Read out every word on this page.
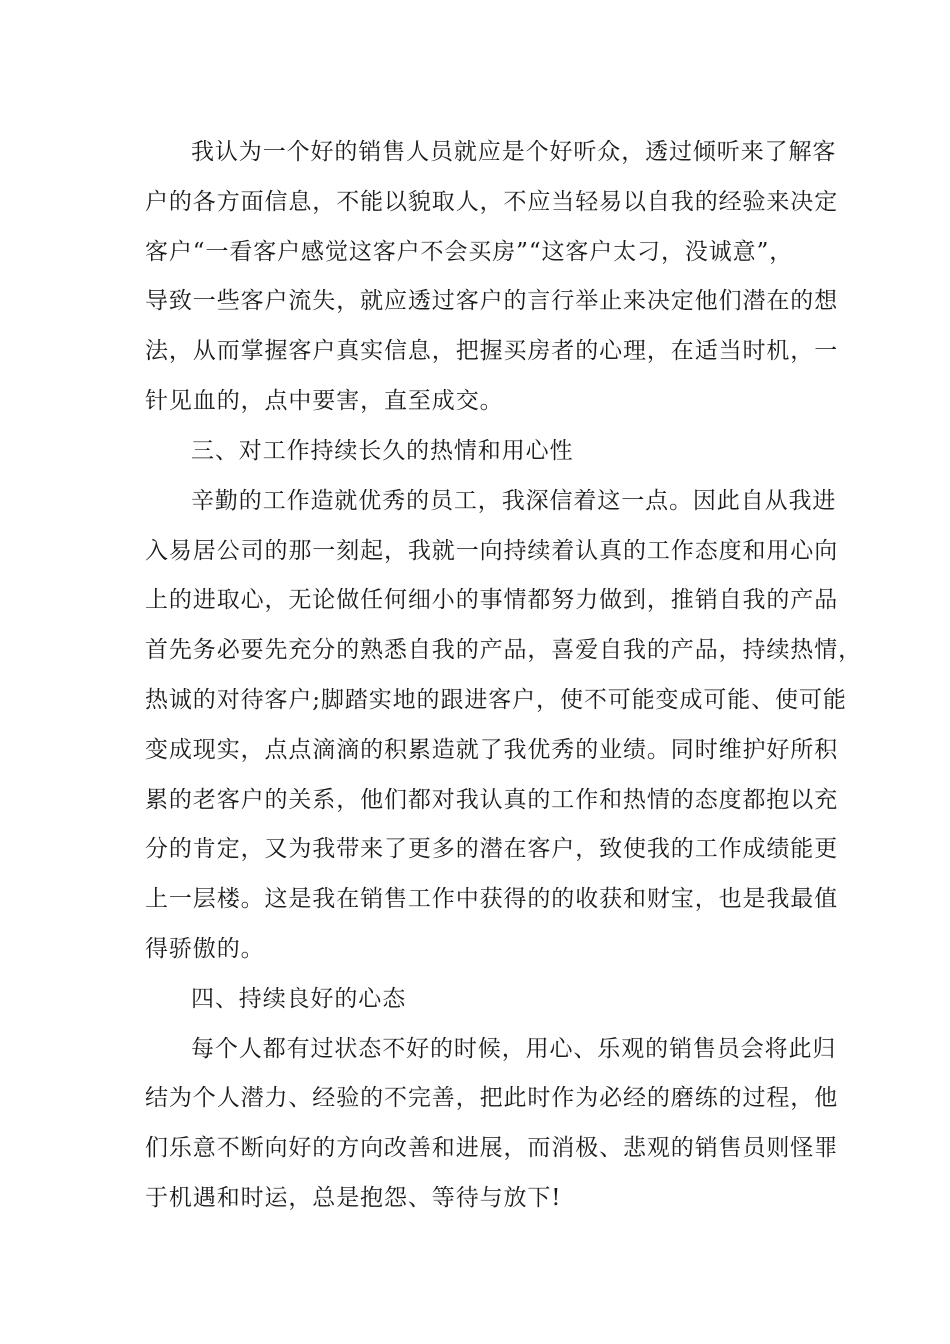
我认为一个好的销售人员就应是个好听众，透过倾听来了解客
户的各方面信息，不能以貌取人，不应当轻易以自我的经验来决定
客户“一看客户感觉这客户不会买房”“这客户太刁，没诚意”，
导致一些客户流失，就应透过客户的言行举止来决定他们潜在的想
法，从而掌握客户真实信息，把握买房者的心理，在适当时机，一
针见血的，点中要害，直至成交。
三、对工作持续长久的热情和用心性
辛勤的工作造就优秀的员工，我深信着这一点。因此自从我进
入易居公司的那一刻起，我就一向持续着认真的工作态度和用心向
上的进取心，无论做任何细小的事情都努力做到，推销自我的产品
首先务必要先充分的熟悉自我的产品，喜爱自我的产品，持续热情，
热诚的对待客户;脚踏实地的跟进客户，使不可能变成可能、使可能
变成现实，点点滴滴的积累造就了我优秀的业绩。同时维护好所积
累的老客户的关系，他们都对我认真的工作和热情的态度都抱以充
分的肯定，又为我带来了更多的潜在客户，致使我的工作成绩能更
上一层楼。这是我在销售工作中获得的的收获和财宝，也是我最值
得骄傲的。
四、持续良好的心态
每个人都有过状态不好的时候，用心、乐观的销售员会将此归
结为个人潜力、经验的不完善，把此时作为必经的磨练的过程，他
们乐意不断向好的方向改善和进展，而消极、悲观的销售员则怪罪
于机遇和时运，总是抱怨、等待与放下!
